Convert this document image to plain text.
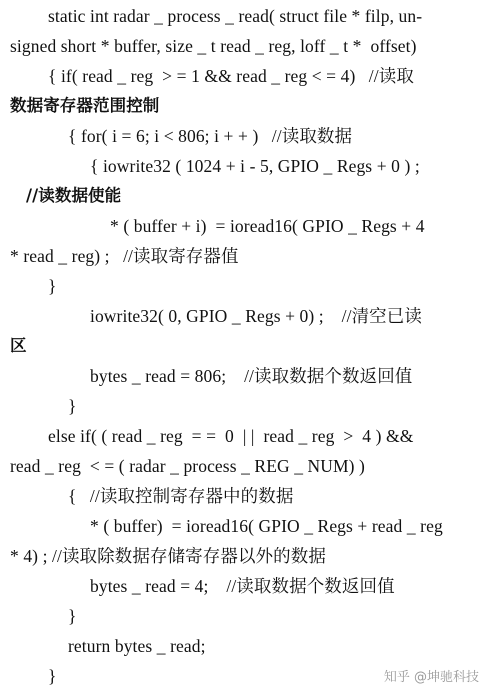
static int radar _ process _ read( struct file * filp, un-
signed short * buffer, size _ t read _ reg, loff _ t *  offset)
{ if( read _ reg  > = 1 && read _ reg < = 4)   //读取
数据寄存器范围控制
{ for( i = 6; i < 806; i + + )   //读取数据
{ iowrite32 ( 1024 + i - 5, GPIO _ Regs + 0 ) ;
//读数据使能
* ( buffer + i)  = ioread16( GPIO _ Regs + 4
* read _ reg) ;   //读取寄存器值
}
iowrite32( 0, GPIO _ Regs + 0) ;    //清空已读
区
bytes _ read = 806;    //读取数据个数返回值
}
else if( ( read _ reg  = =  0  | |  read _ reg  >  4 ) &&
read _ reg  < = ( radar _ process _ REG _ NUM) )
{   //读取控制寄存器中的数据
* ( buffer)  = ioread16( GPIO _ Regs + read _ reg
* 4) ; //读取除数据存储寄存器以外的数据
bytes _ read = 4;    //读取数据个数返回值
}
return bytes _ read;
}	知乎 @坤驰科技
